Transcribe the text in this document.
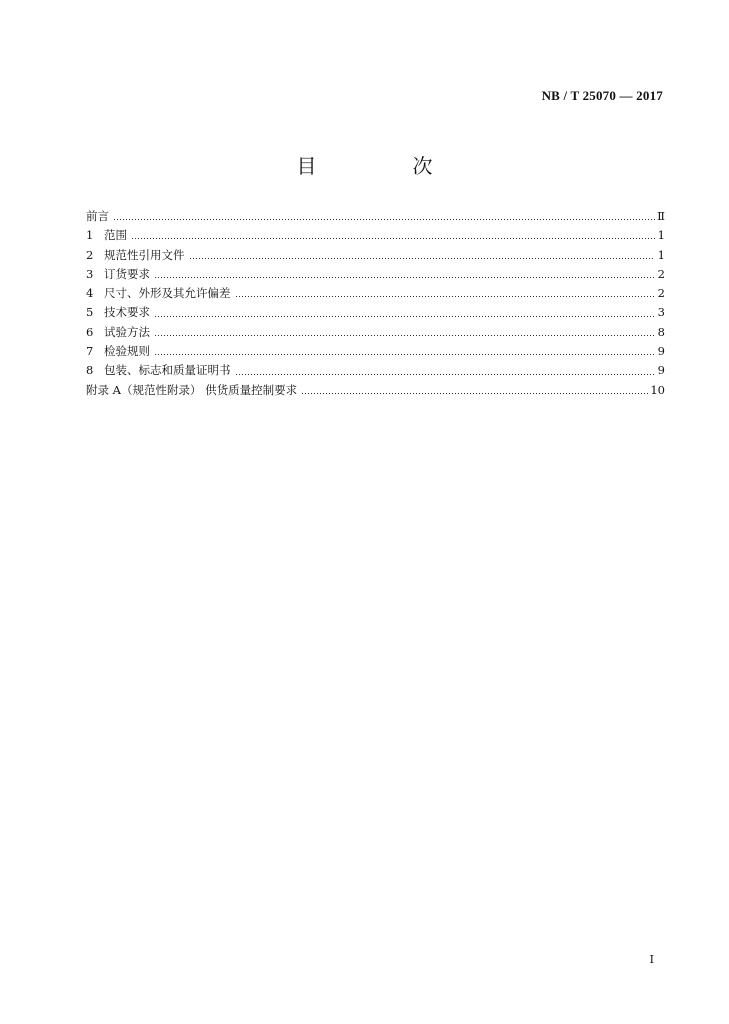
NB / T 25070 — 2017
目　次
前言	Ⅱ
1 范围	1
2 规范性引用文件	1
3 订货要求	2
4 尺寸、外形及其允许偏差	2
5 技术要求	3
6 试验方法	8
7 检验规则	9
8 包装、标志和质量证明书	9
附录 A（规范性附录） 供货质量控制要求	10
I
